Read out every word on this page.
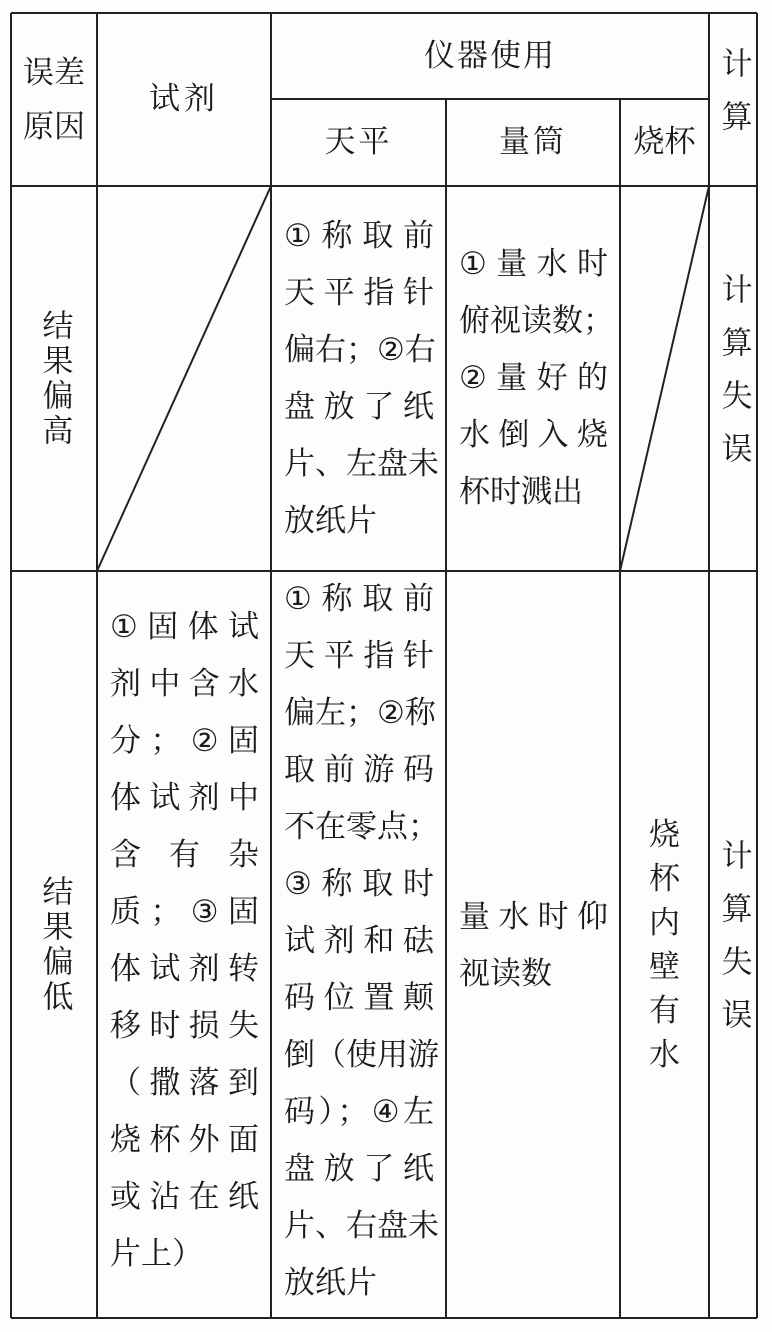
误差原因
试剂
仪器使用
天平	量筒 烧杯 计算
结果偏高
①称取前
天平指针
偏右；②右
盘放了纸
片、左盘未
放纸片
①量水时
俯视读数；
②量好的
水倒入烧
杯时溅出
计算失误
结果偏低
①固体试
剂中含水
分；②固
体试剂中
含有杂
质；③固
体试剂转
移时损失
（撒落到
烧杯外面
或沾在纸
片上）
①称取前
天平指针
偏左；②称
取前游码
不在零点；
③称取时
试剂和砝
码位置颠
倒（使用游
码）；④左
盘放了纸
片、右盘未
放纸片
量水时仰
视读数
烧杯内壁有水
计算失误
